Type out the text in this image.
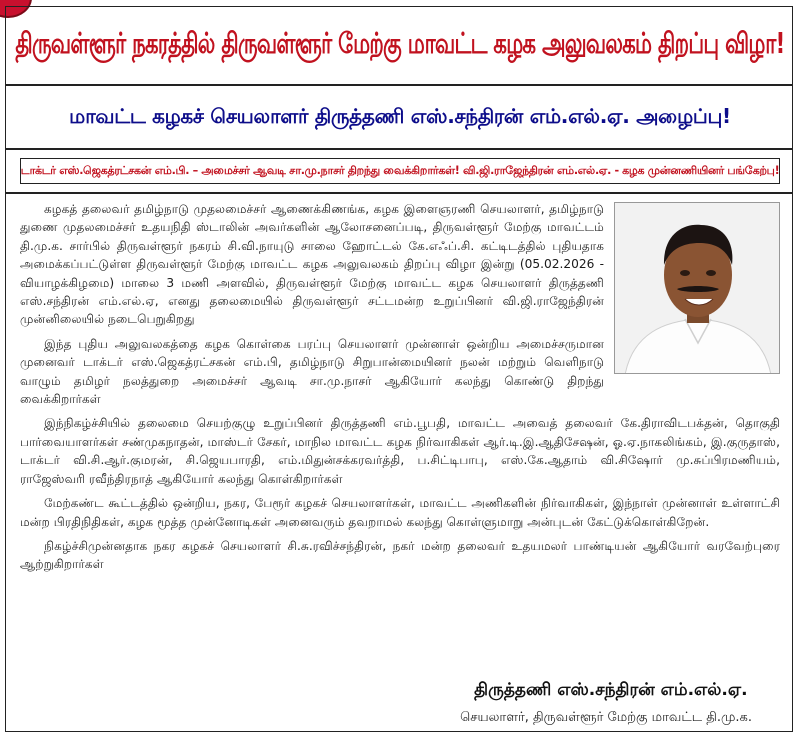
திருவள்ளூர் நகரத்தில் திருவள்ளூர் மேற்கு மாவட்ட கழக அலுவலகம் திறப்பு விழா!
மாவட்ட கழகச் செயலாளர் திருத்தணி எஸ்.சந்திரன் எம்.எல்.ஏ. அழைப்பு!
டாக்டர் எஸ்.ஜெகத்ரட்சகன் எம்.பி. – அமைச்சர் ஆவடி சா.மு.நாசர் திறந்து வைக்கிறார்கள்! வி.ஜி.ராஜேந்திரன் எம்.எல்.ஏ. - கழக முன்னணியினர் பங்கேற்பு!

கழகத் தலைவர் தமிழ்நாடு முதலமைச்சர் ஆணைக்கிணங்க, கழக இளைஞரணி செயலாளர், தமிழ்நாடு துணை முதலமைச்சர் உதயநிதி ஸ்டாலின் அவர்களின் ஆலோசனைப்படி, திருவள்ளூர் மேற்கு மாவட்டம் தி.மு.க. சார்பில் திருவள்ளூர் நகரம் சி.வி.நாயுடு சாலை ஹோட்டல் கே.எஃப்.சி. கட்டிடத்தில் புதியதாக அமைக்கப்பட்டுள்ள திருவள்ளூர் மேற்கு மாவட்ட கழக அலுவலகம் திறப்பு விழா இன்று (05.02.2026 - வியாழக்கிழமை) மாலை 3 மணி அளவில், திருவள்ளூர் மேற்கு மாவட்ட கழக செயலாளர் திருத்தணி எஸ்.சந்திரன் எம்.எல்.ஏ, எனது தலைமையில் திருவள்ளூர் சட்டமன்ற உறுப்பினர் வி.ஜி.ராஜேந்திரன் முன்னிலையில் நடைபெறுகிறது

இந்த புதிய அலுவலகத்தை கழக கொள்கை பரப்பு செயலாளர் முன்னாள் ஒன்றிய அமைச்சருமான முனைவர் டாக்டர் எஸ்.ஜெகத்ரட்சகன் எம்.பி, தமிழ்நாடு சிறுபான்மையினர் நலன் மற்றும் வெளிநாடு வாழும் தமிழர் நலத்துறை அமைச்சர் ஆவடி சா.மு.நாசர் ஆகியோர் கலந்து கொண்டு திறந்து வைக்கிறார்கள்

இந்நிகழ்ச்சியில் தலைமை செயற்குழு உறுப்பினர் திருத்தணி எம்.பூபதி, மாவட்ட அவைத் தலைவர் கே.திராவிடபக்தன், தொகுதி பார்வையாளர்கள் சண்முகநாதன், மாஸ்டர் சேகர், மாநில மாவட்ட கழக நிர்வாகிகள் ஆர்.டி.இ.ஆதிசேஷன், ஓ.ஏ.நாகலிங்கம், இ.குருதாஸ், டாக்டர் வி.சி.ஆர்.குமரன், சி.ஜெயபாரதி, எம்.மிதுன்சக்கரவர்த்தி, ப.சிட்டிபாபு, எஸ்.கே.ஆதாம் வி.சிஷோர் மு.சுப்பிரமணியம், ராஜேஸ்வரி ரவீந்திரநாத் ஆகியோர் கலந்து கொள்கிறார்கள்

மேற்கண்ட கூட்டத்தில் ஒன்றிய, நகர, பேரூர் கழகச் செயலாளர்கள், மாவட்ட அணிகளின் நிர்வாகிகள், இந்நாள் முன்னாள் உள்ளாட்சி மன்ற பிரதிநிதிகள், கழக மூத்த முன்னோடிகள் அனைவரும் தவறாமல் கலந்து கொள்ளுமாறு அன்புடன் கேட்டுக்கொள்கிறேன்.

நிகழ்ச்சிமுன்னதாக நகர கழகச் செயலாளர் சி.சு.ரவிச்சந்திரன், நகர் மன்ற தலைவர் உதயமலர் பாண்டியன் ஆகியோர் வரவேற்புரை ஆற்றுகிறார்கள்

திருத்தணி எஸ்.சந்திரன் எம்.எல்.ஏ.
செயலாளர், திருவள்ளூர் மேற்கு மாவட்ட தி.மு.க.
